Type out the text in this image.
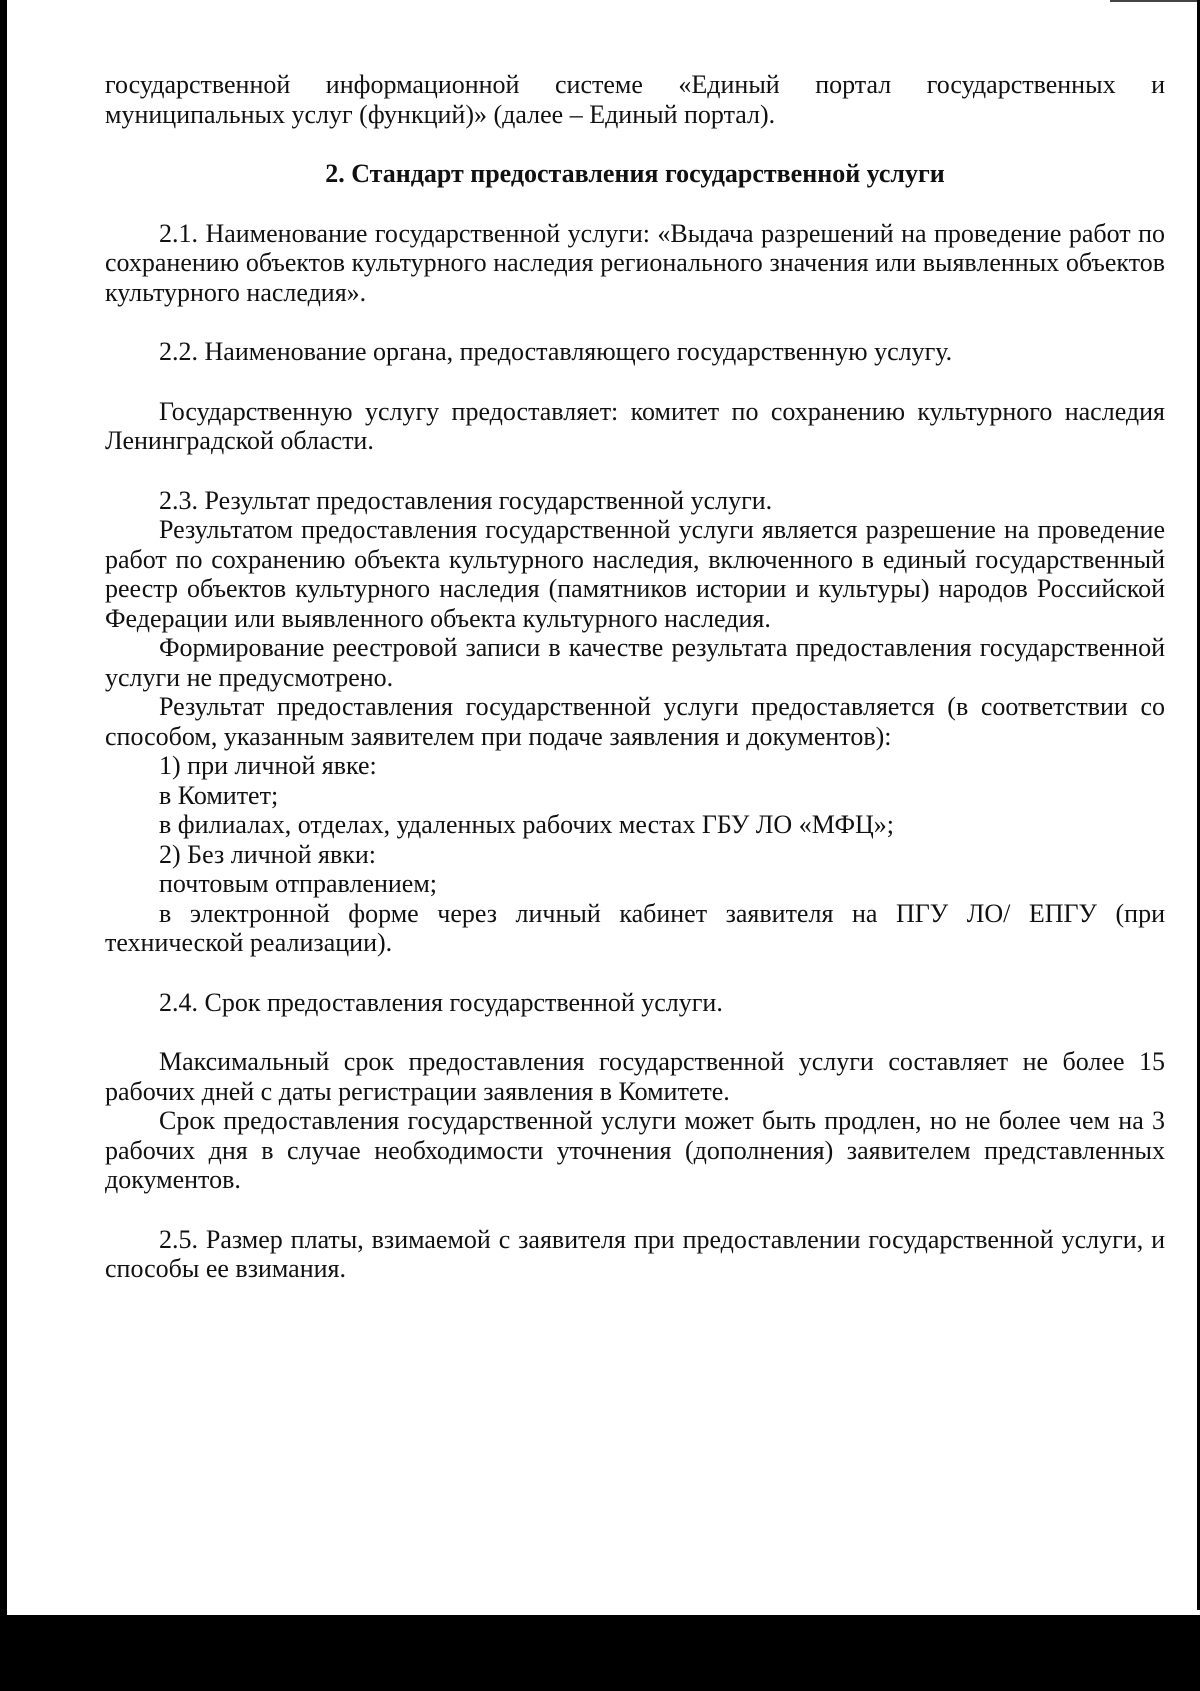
государственной информационной системе «Единый портал государственных и муниципальных услуг (функций)» (далее – Единый портал).

2. Стандарт предоставления государственной услуги

2.1. Наименование государственной услуги: «Выдача разрешений на проведение работ по сохранению объектов культурного наследия регионального значения или выявленных объектов культурного наследия».

2.2. Наименование органа, предоставляющего государственную услугу.

Государственную услугу предоставляет: комитет по сохранению культурного наследия Ленинградской области.

2.3. Результат предоставления государственной услуги.

Результатом предоставления государственной услуги является разрешение на проведение работ по сохранению объекта культурного наследия, включенного в единый государственный реестр объектов культурного наследия (памятников истории и культуры) народов Российской Федерации или выявленного объекта культурного наследия.

Формирование реестровой записи в качестве результата предоставления государственной услуги не предусмотрено.

Результат предоставления государственной услуги предоставляется (в соответствии со способом, указанным заявителем при подаче заявления и документов):

1) при личной явке:

в Комитет;

в филиалах, отделах, удаленных рабочих местах ГБУ ЛО «МФЦ»;

2) Без личной явки:

почтовым отправлением;

в электронной форме через личный кабинет заявителя на ПГУ ЛО/ ЕПГУ (при технической реализации).

2.4. Срок предоставления государственной услуги.

Максимальный срок предоставления государственной услуги составляет не более 15 рабочих дней с даты регистрации заявления в Комитете.

Срок предоставления государственной услуги может быть продлен, но не более чем на 3 рабочих дня в случае необходимости уточнения (дополнения) заявителем представленных документов.

2.5. Размер платы, взимаемой с заявителя при предоставлении государственной услуги, и способы ее взимания.
